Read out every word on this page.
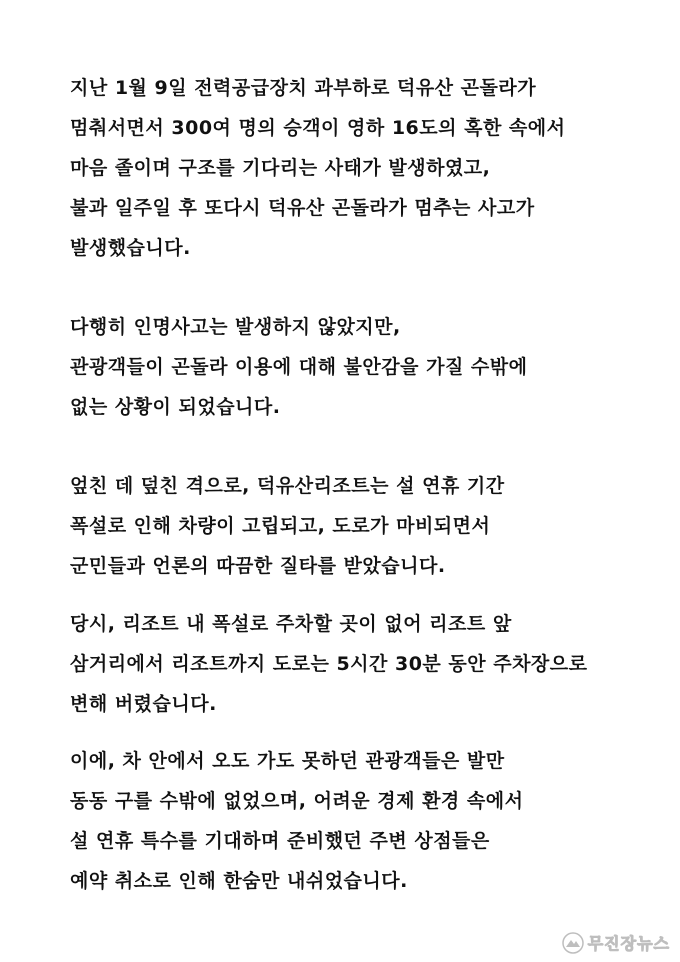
지난 1월 9일 전력공급장치 과부하로 덕유산 곤돌라가
멈춰서면서 300여 명의 승객이 영하 16도의 혹한 속에서
마음 졸이며 구조를 기다리는 사태가 발생하였고,
불과 일주일 후 또다시 덕유산 곤돌라가 멈추는 사고가
발생했습니다.
다행히 인명사고는 발생하지 않았지만,
관광객들이 곤돌라 이용에 대해 불안감을 가질 수밖에
없는 상황이 되었습니다.
엎친 데 덮친 격으로, 덕유산리조트는 설 연휴 기간
폭설로 인해 차량이 고립되고, 도로가 마비되면서
군민들과 언론의 따끔한 질타를 받았습니다.
당시, 리조트 내 폭설로 주차할 곳이 없어 리조트 앞
삼거리에서 리조트까지 도로는 5시간 30분 동안 주차장으로
변해 버렸습니다.
이에, 차 안에서 오도 가도 못하던 관광객들은 발만
동동 구를 수밖에 없었으며, 어려운 경제 환경 속에서
설 연휴 특수를 기대하며 준비했던 주변 상점들은
예약 취소로 인해 한숨만 내쉬었습니다.
무진장뉴스
